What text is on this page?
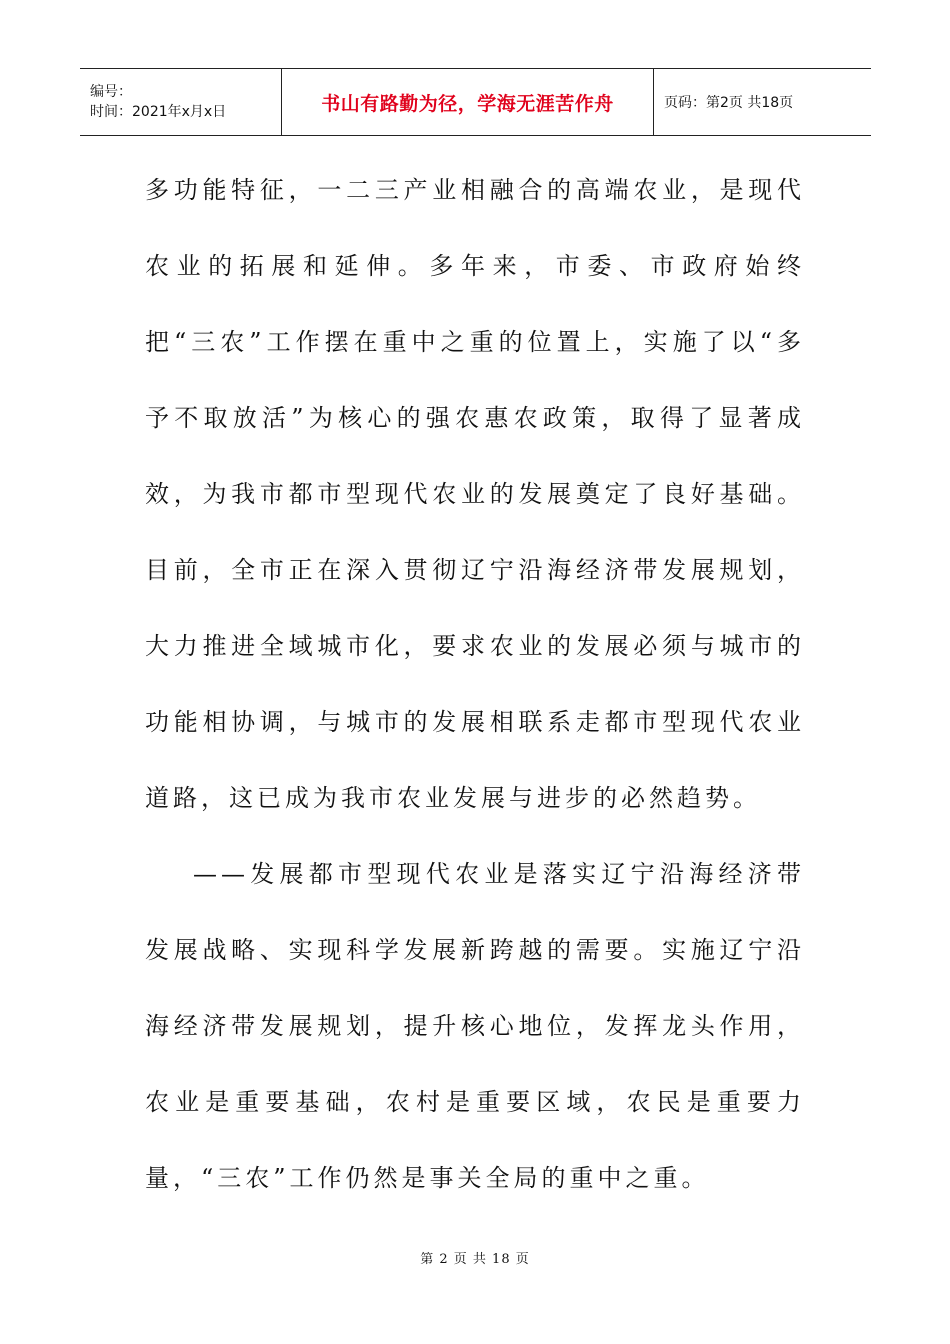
编号：
时间：2021年x月x日	书山有路勤为径，学海无涯苦作舟	页码：第2页 共18页

多功能特征，一二三产业相融合的高端农业，是现代农业的拓展和延伸。多年来，市委、市政府始终把“三农”工作摆在重中之重的位置上，实施了以“多予不取放活”为核心的强农惠农政策，取得了显著成效，为我市都市型现代农业的发展奠定了良好基础。目前，全市正在深入贯彻辽宁沿海经济带发展规划，大力推进全域城市化，要求农业的发展必须与城市的功能相协调，与城市的发展相联系走都市型现代农业道路，这已成为我市农业发展与进步的必然趋势。

——发展都市型现代农业是落实辽宁沿海经济带发展战略、实现科学发展新跨越的需要。实施辽宁沿海经济带发展规划，提升核心地位，发挥龙头作用，农业是重要基础，农村是重要区域，农民是重要力量，“三农”工作仍然是事关全局的重中之重。

第 2 页 共 18 页
